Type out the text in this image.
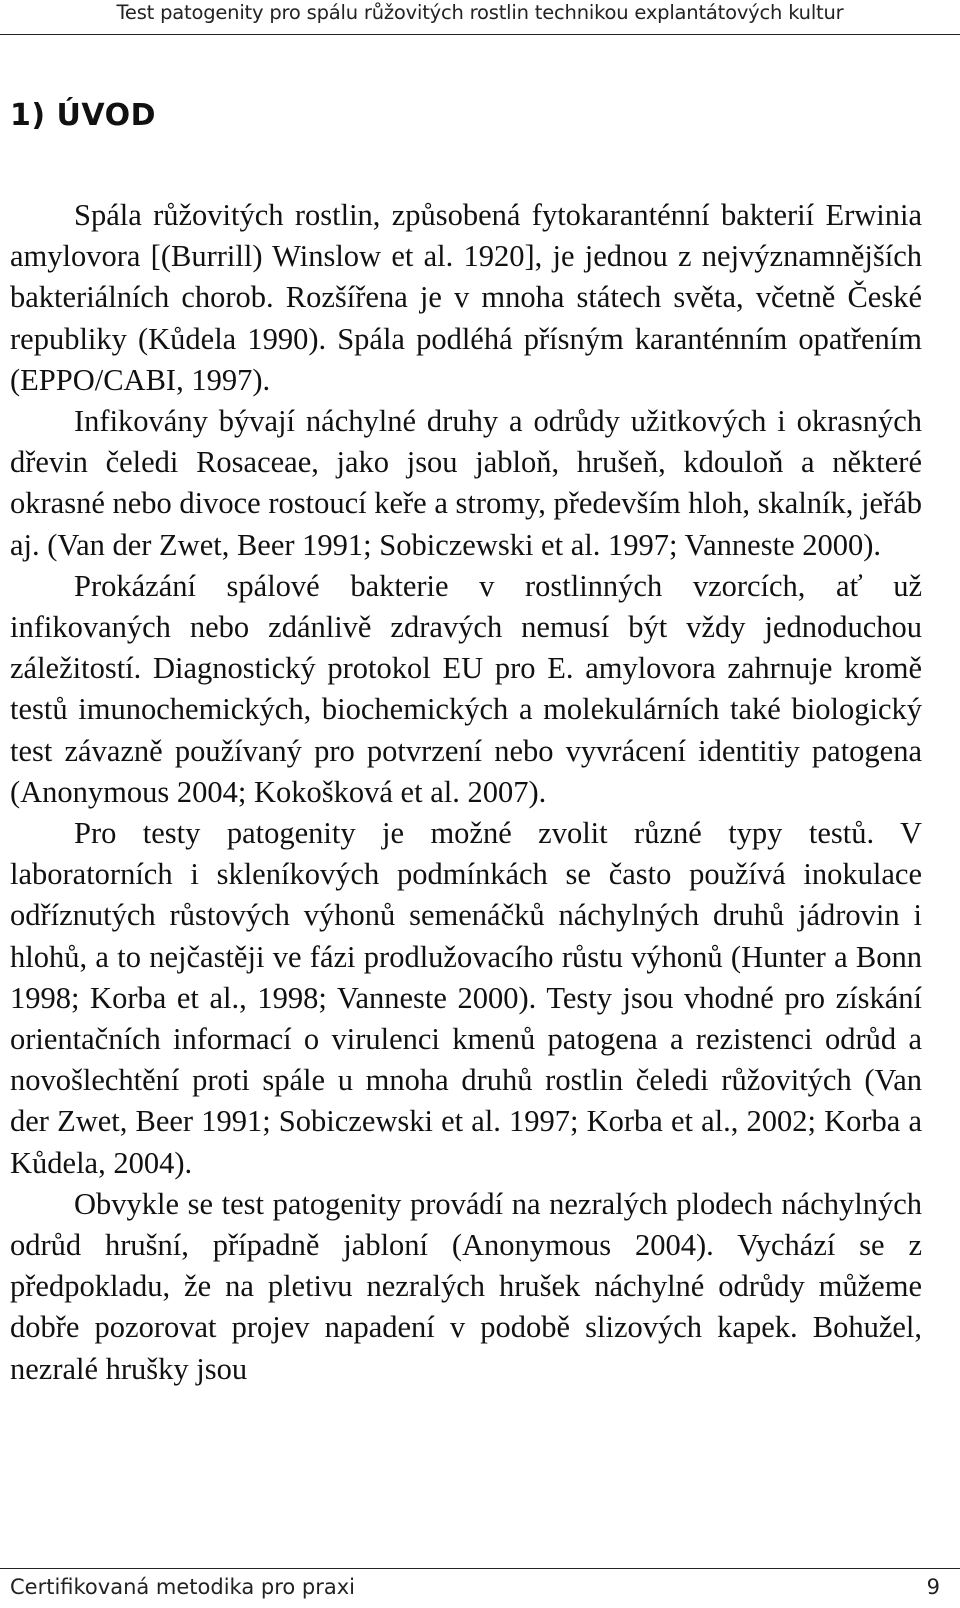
Test patogenity pro spálu růžovitých rostlin technikou explantátových kultur
1) ÚVOD

Spála růžovitých rostlin, způsobená fytokaranténní bakterií Erwinia amylovora [(Burrill) Winslow et al. 1920], je jednou z nejvýznamnějších bakteriálních chorob. Rozšířena je v mnoha státech světa, včetně České republiky (Kůdela 1990). Spála podléhá přísným karanténním opatřením (EPPO/CABI, 1997).

Infikovány bývají náchylné druhy a odrůdy užitkových i okrasných dřevin čeledi Rosaceae, jako jsou jabloň, hrušeň, kdouloň a některé okrasné nebo divoce rostoucí keře a stromy, především hloh, skalník, jeřáb aj. (Van der Zwet, Beer 1991; Sobiczewski et al. 1997; Vanneste 2000).

Prokázání spálové bakterie v rostlinných vzorcích, ať už infikovaných nebo zdánlivě zdravých nemusí být vždy jednoduchou záležitostí. Diagnostický protokol EU pro E. amylovora zahrnuje kromě testů imunochemických, biochemických a molekulárních také biologický test závazně používaný pro potvrzení nebo vyvrácení identitiy patogena (Anonymous 2004; Kokošková et al. 2007).

Pro testy patogenity je možné zvolit různé typy testů. V laboratorních i skleníkových podmínkách se často používá inokulace odříznutých růstových výhonů semenáčků náchylných druhů jádrovin i hlohů, a to nejčastěji ve fázi prodlužovacího růstu výhonů (Hunter a Bonn 1998; Korba et al., 1998; Vanneste 2000). Testy jsou vhodné pro získání orientačních informací o virulenci kmenů patogena a rezistenci odrůd a novošlechtění proti spále u mnoha druhů rostlin čeledi růžovitých (Van der Zwet, Beer 1991; Sobiczewski et al. 1997; Korba et al., 2002; Korba a Kůdela, 2004).

Obvykle se test patogenity provádí na nezralých plodech náchylných odrůd hrušní, případně jabloní (Anonymous 2004). Vychází se z předpokladu, že na pletivu nezralých hrušek náchylné odrůdy můžeme dobře pozorovat projev napadení v podobě slizových kapek. Bohužel, nezralé hrušky jsou

Certifikovaná metodika pro praxi	9
